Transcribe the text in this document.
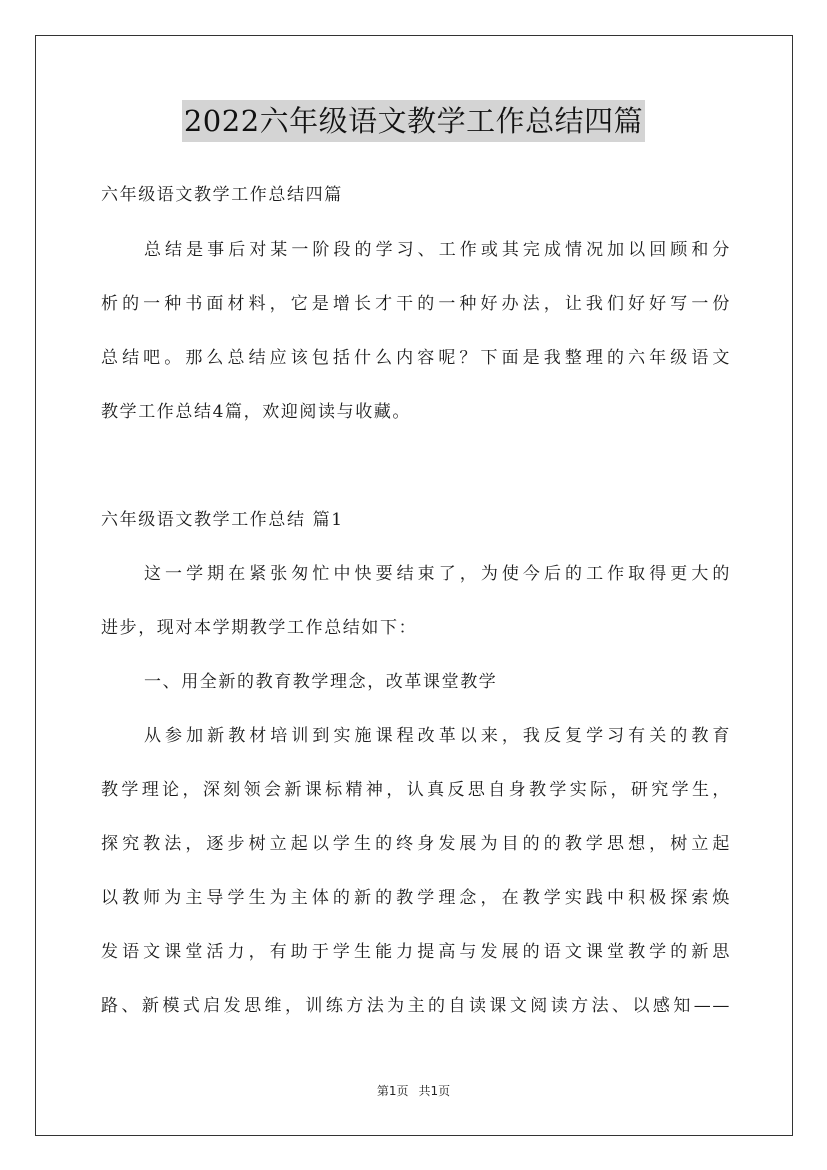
2022六年级语文教学工作总结四篇
六年级语文教学工作总结四篇
总结是事后对某一阶段的学习、工作或其完成情况加以回顾和分
析的一种书面材料，它是增长才干的一种好办法，让我们好好写一份
总结吧。那么总结应该包括什么内容呢？下面是我整理的六年级语文
教学工作总结4篇，欢迎阅读与收藏。
六年级语文教学工作总结 篇1
这一学期在紧张匆忙中快要结束了，为使今后的工作取得更大的
进步，现对本学期教学工作总结如下：
一、用全新的教育教学理念，改革课堂教学
从参加新教材培训到实施课程改革以来，我反复学习有关的教育
教学理论，深刻领会新课标精神，认真反思自身教学实际，研究学生，
探究教法，逐步树立起以学生的终身发展为目的的教学思想，树立起
以教师为主导学生为主体的新的教学理念，在教学实践中积极探索焕
发语文课堂活力，有助于学生能力提高与发展的语文课堂教学的新思
路、新模式启发思维，训练方法为主的自读课文阅读方法、以感知——
第1页 共1页
